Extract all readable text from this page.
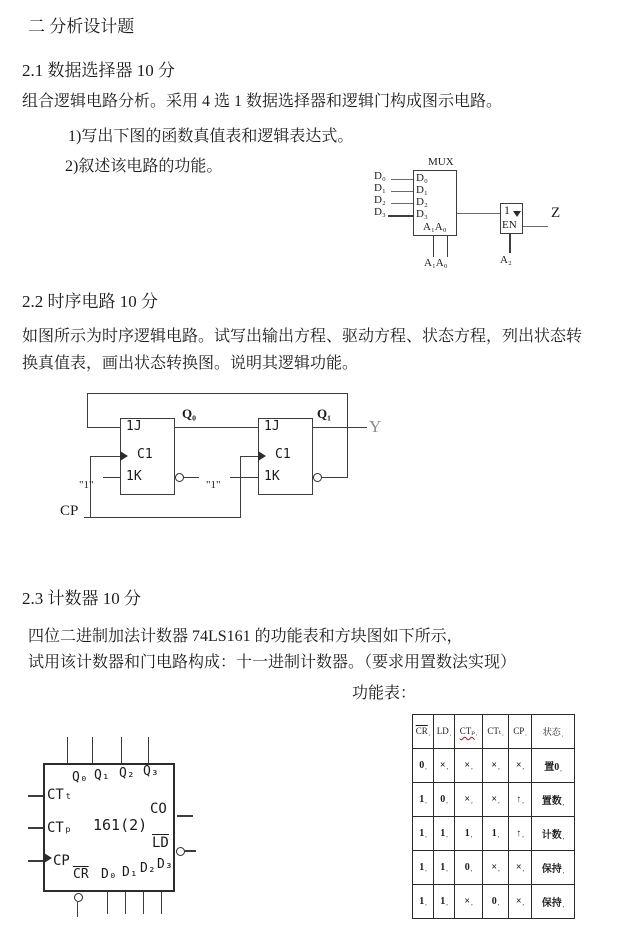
二 分析设计题
2.1 数据选择器 10 分
组合逻辑电路分析。采用 4 选 1 数据选择器和逻辑门构成图示电路。
1)写出下图的函数真值表和逻辑表达式。
2)叙述该电路的功能。
2.2 时序电路 10 分
如图所示为时序逻辑电路。试写出输出方程、驱动方程、状态方程，列出状态转
换真值表，画出状态转换图。说明其逻辑功能。
2.3 计数器 10 分
四位二进制加法计数器 74LS161 的功能表和方块图如下所示，
试用该计数器和门电路构成：十一进制计数器。（要求用置数法实现）
功能表：
MUX
D₀
D₁
D₂
D₃
D₀
D₁
D₂
D₃
A₁A₀
A₁A₀
1
EN
Z
A₂
1J
C1
1K
1J
C1
1K
Q₀	Q₁
Y
"1"	"1"
CP
Q₀ Q₁ Q₂ Q₃
CTₜ
CTₚ
CP
161(2)
CO
$\overline{LD}$
$\overline{CR}$ D₀ D₁ D₂ D₃
$\overline{CR}$ ,	LD ,	CTₚ ,	CTₜ ,	CP ,	状态 ,
0 ,	× ,	× ,	× ,	× ,	置0 ,
1 ,	0 ,	× ,	× ,	↑ ,	置数 ,
1 ,	1 ,	1 ,	1 ,	↑ ,	计数 ,
1 ,	1 ,	0 ,	× ,	× ,	保持 ,
1 ,	1 ,	× ,	0 ,	× ,	保持 ,
